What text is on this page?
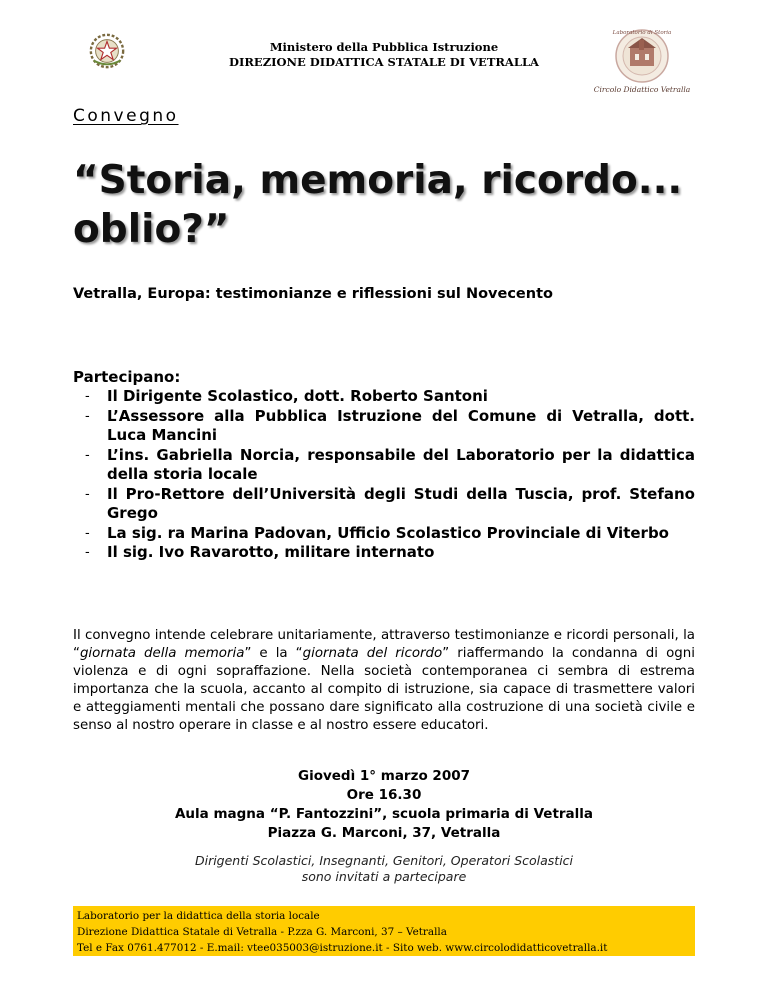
Ministero della Pubblica Istruzione
DIREZIONE DIDATTICA STATALE DI VETRALLA
Laboratorio di Storia
Circolo Didattico Vetralla
Convegno
“Storia, memoria, ricordo... oblio?”
Vetralla, Europa: testimonianze e riflessioni sul Novecento
Partecipano:
- Il Dirigente Scolastico, dott. Roberto Santoni
- L’Assessore alla Pubblica Istruzione del Comune di Vetralla, dott. Luca Mancini
- L’ins. Gabriella Norcia, responsabile del Laboratorio per la didattica della storia locale
- Il Pro-Rettore dell’Università degli Studi della Tuscia, prof. Stefano Grego
- La sig. ra Marina Padovan, Ufficio Scolastico Provinciale di Viterbo
- Il sig. Ivo Ravarotto, militare internato
Il convegno intende celebrare unitariamente, attraverso testimonianze e ricordi personali, la “giornata della memoria” e la “giornata del ricordo” riaffermando la condanna di ogni violenza e di ogni sopraffazione. Nella società contemporanea ci sembra di estrema importanza che la scuola, accanto al compito di istruzione, sia capace di trasmettere valori e atteggiamenti mentali che possano dare significato alla costruzione di una società civile e senso al nostro operare in classe e al nostro essere educatori.
Giovedì 1° marzo 2007
Ore 16.30
Aula magna “P. Fantozzini”, scuola primaria di Vetralla
Piazza G. Marconi, 37, Vetralla
Dirigenti Scolastici, Insegnanti, Genitori, Operatori Scolastici
sono invitati a partecipare
Laboratorio per la didattica della storia locale
Direzione Didattica Statale di Vetralla - P.zza G. Marconi, 37 – Vetralla
Tel e Fax 0761.477012 - E.mail: vtee035003@istruzione.it - Sito web. www.circolodidatticovetralla.it
